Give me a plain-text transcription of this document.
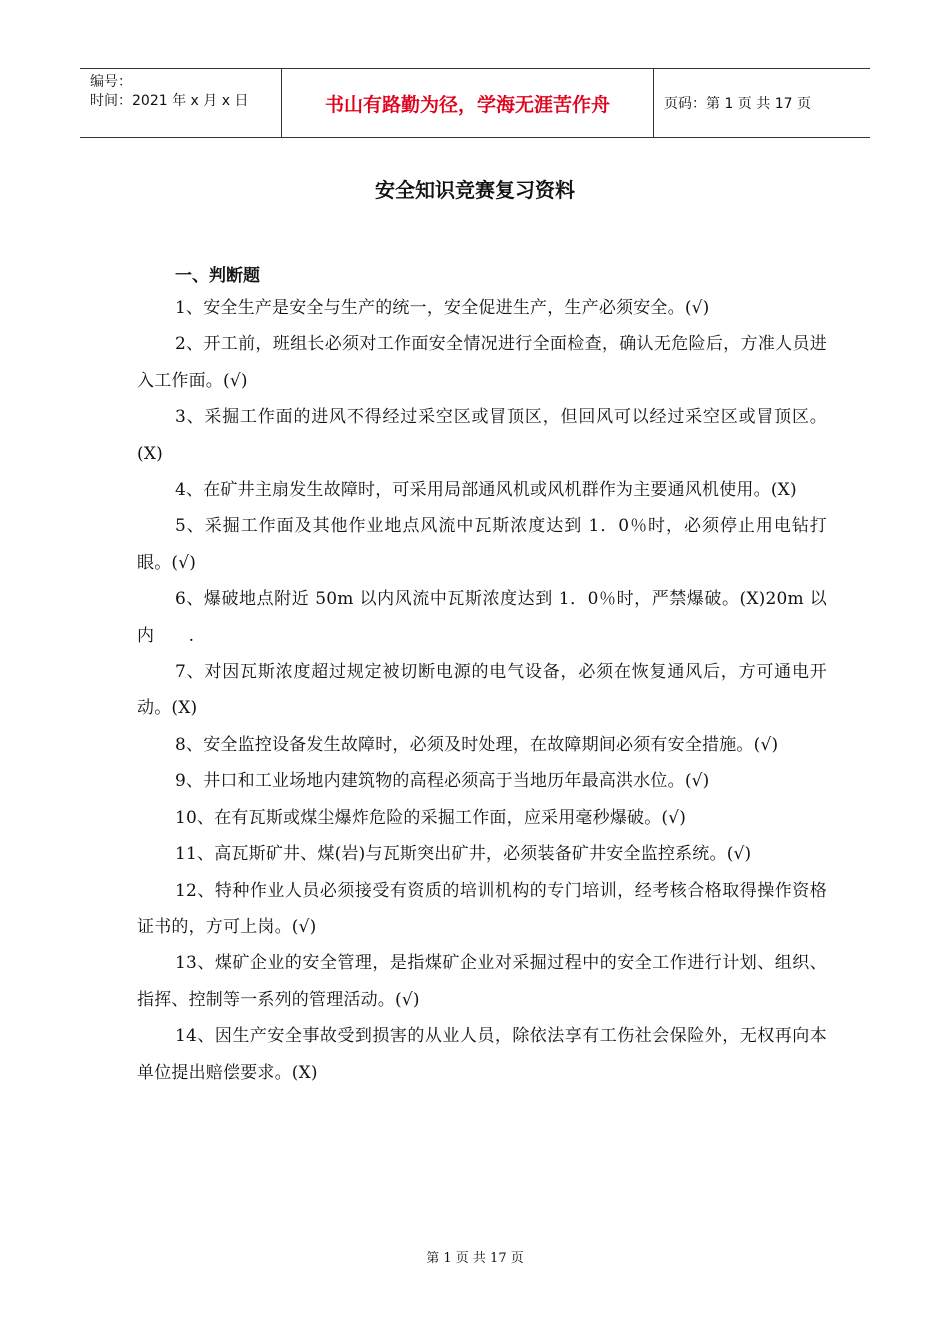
编号：
时间：2021 年 x 月 x 日	书山有路勤为径，学海无涯苦作舟	页码：第 1 页 共 17 页
安全知识竞赛复习资料
一、判断题

1、安全生产是安全与生产的统一，安全促进生产，生产必须安全。(√)

2、开工前，班组长必须对工作面安全情况进行全面检查，确认无危险后，方准人员进入工作面。(√)

3、采掘工作面的进风不得经过采空区或冒顶区，但回风可以经过采空区或冒顶区。(X)

4、在矿井主扇发生故障时，可采用局部通风机或风机群作为主要通风机使用。(X)

5、采掘工作面及其他作业地点风流中瓦斯浓度达到 1．0％时，必须停止用电钻打眼。(√)

6、爆破地点附近 50m 以内风流中瓦斯浓度达到 1．0％时，严禁爆破。(X)20m 以内　　.

7、对因瓦斯浓度超过规定被切断电源的电气设备，必须在恢复通风后，方可通电开动。(X)

8、安全监控设备发生故障时，必须及时处理，在故障期间必须有安全措施。(√)

9、井口和工业场地内建筑物的高程必须高于当地历年最高洪水位。(√)

10、在有瓦斯或煤尘爆炸危险的采掘工作面，应采用毫秒爆破。(√)

11、高瓦斯矿井、煤(岩)与瓦斯突出矿井，必须装备矿井安全监控系统。(√)

12、特种作业人员必须接受有资质的培训机构的专门培训，经考核合格取得操作资格证书的，方可上岗。(√)

13、煤矿企业的安全管理，是指煤矿企业对采掘过程中的安全工作进行计划、组织、指挥、控制等一系列的管理活动。(√)

14、因生产安全事故受到损害的从业人员，除依法享有工伤社会保险外，无权再向本单位提出赔偿要求。(X)

第 1 页 共 17 页
